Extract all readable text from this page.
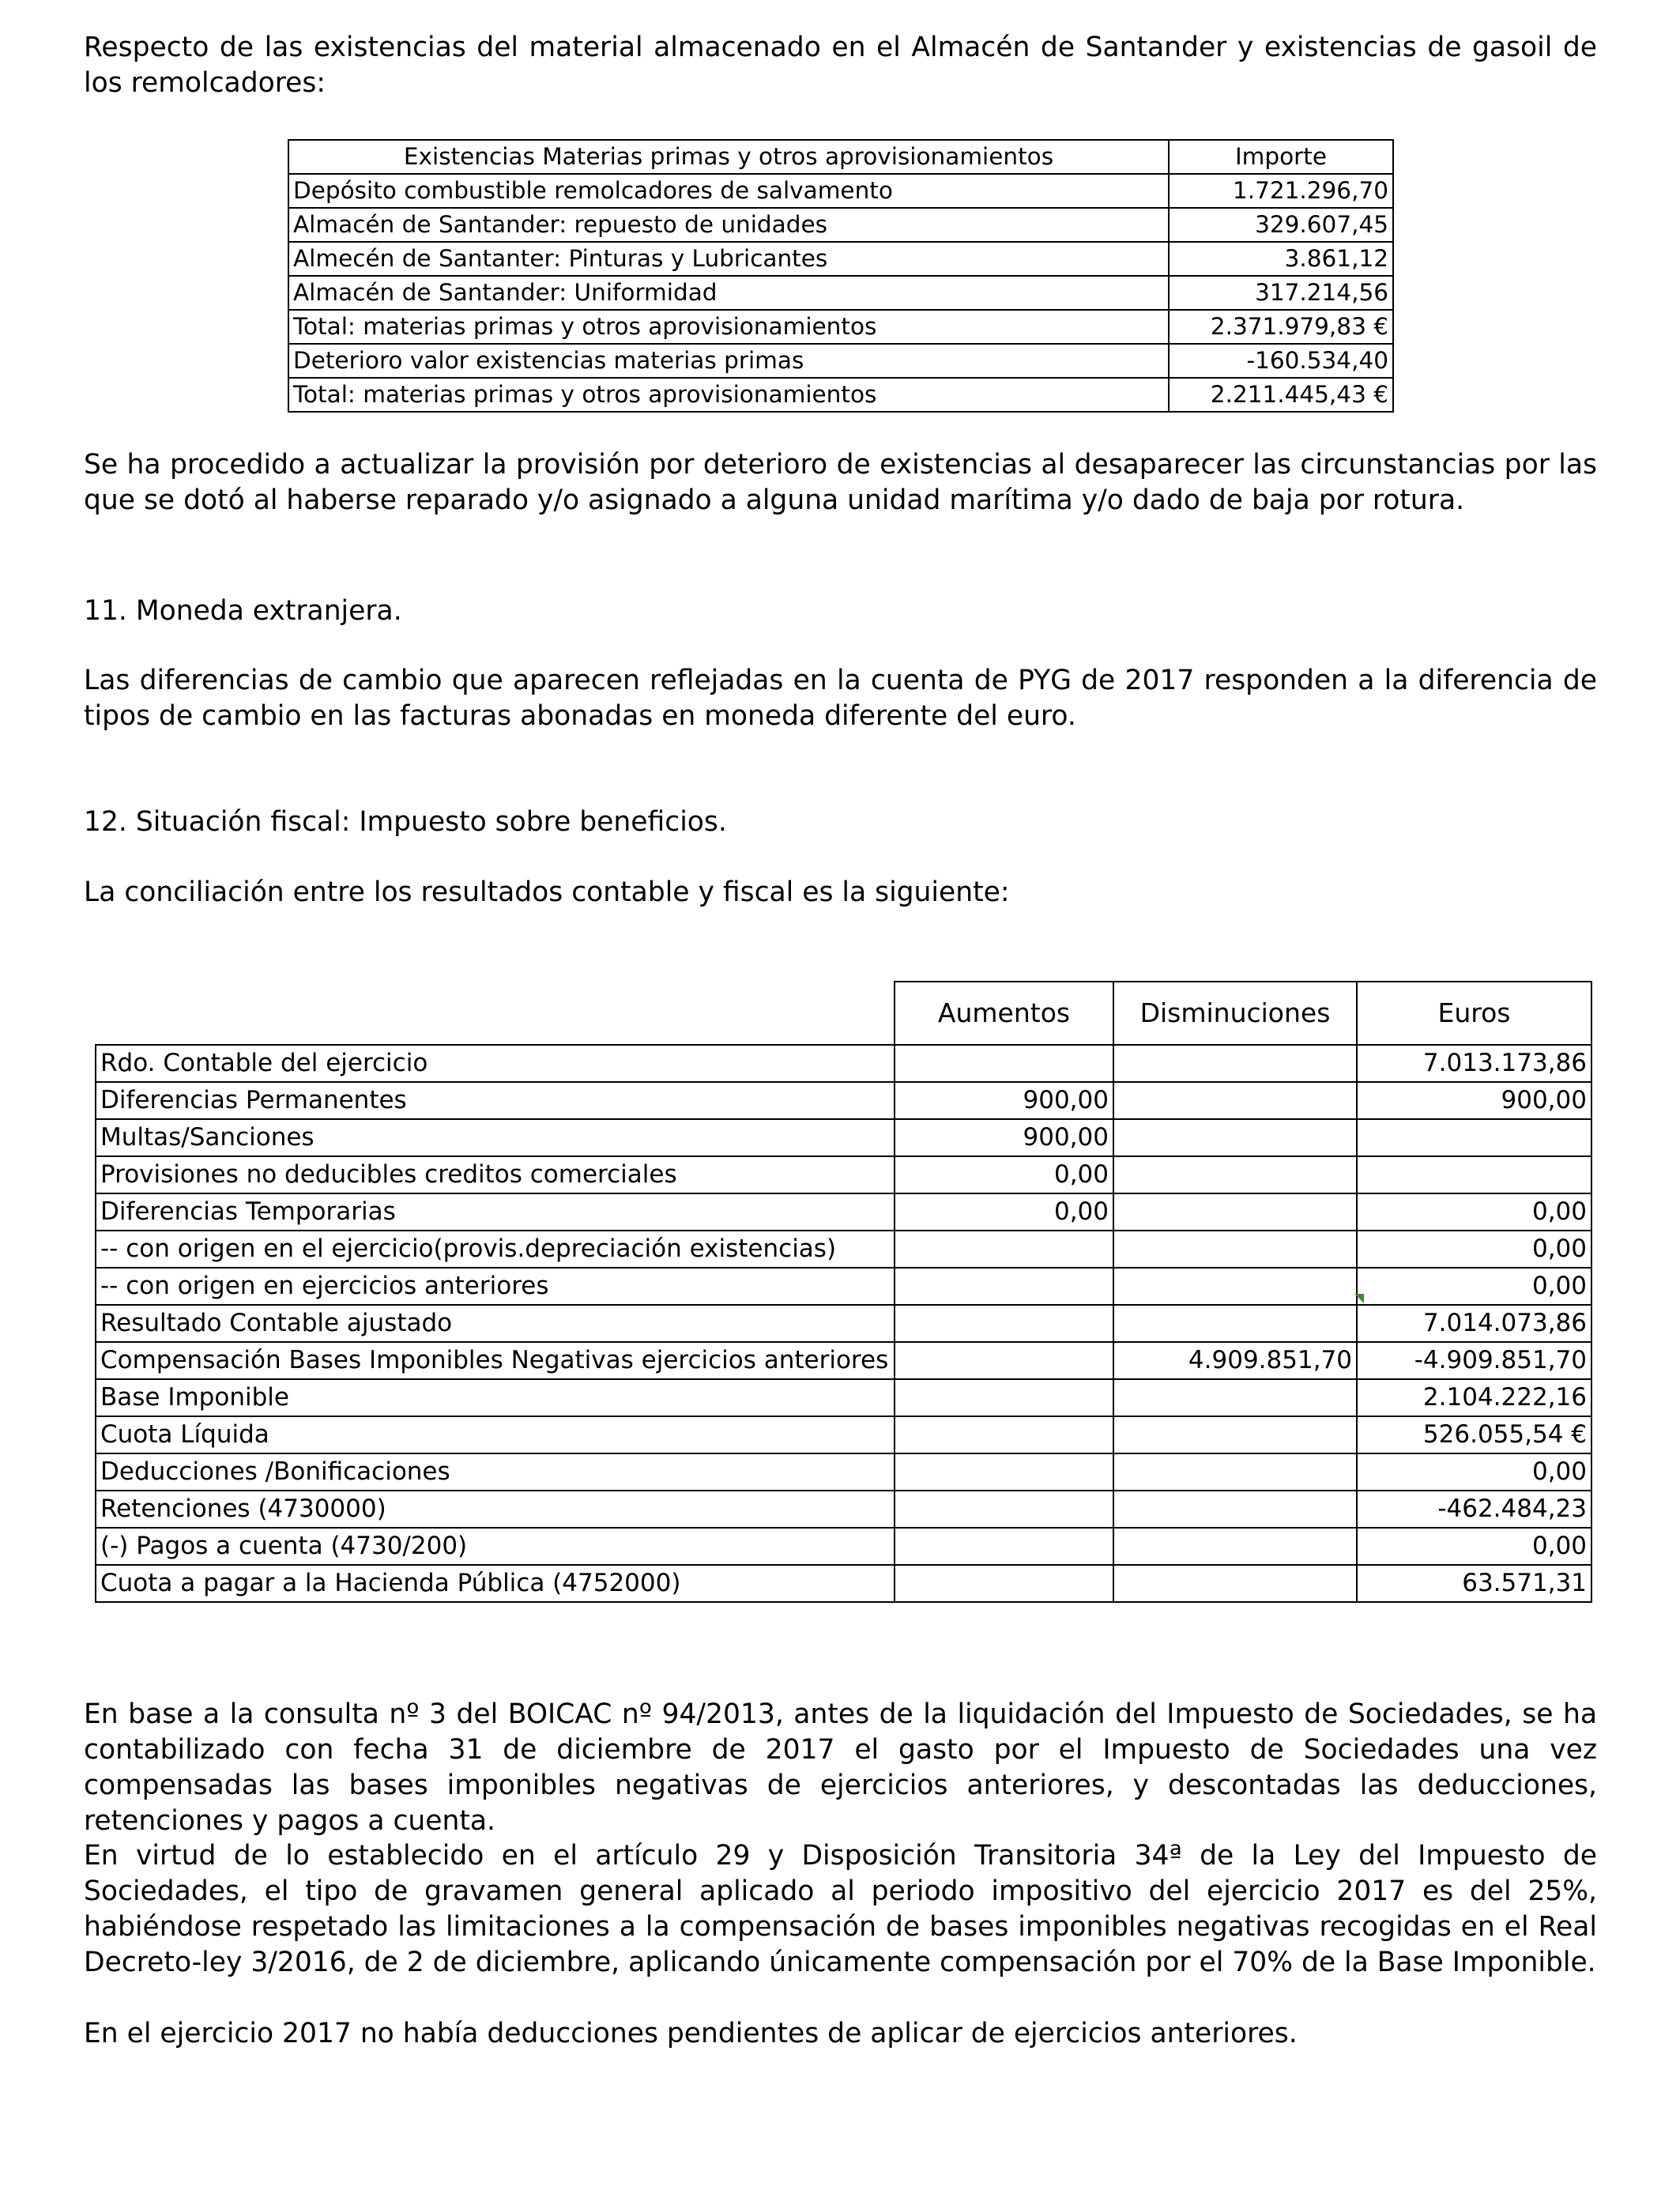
Respecto de las existencias del material almacenado en el Almacén de Santander y existencias de gasoil de los remolcadores:

Existencias Materias primas y otros aprovisionamientos	Importe
Depósito combustible remolcadores de salvamento	1.721.296,70
Almacén de Santander: repuesto de unidades	329.607,45
Almecén de Santanter: Pinturas y Lubricantes	3.861,12
Almacén de Santander: Uniformidad	317.214,56
Total: materias primas y otros aprovisionamientos	2.371.979,83 €
Deterioro valor existencias materias primas	-160.534,40
Total: materias primas y otros aprovisionamientos	2.211.445,43 €

Se ha procedido a actualizar la provisión por deterioro de existencias al desaparecer las circunstancias por las que se dotó al haberse reparado y/o asignado a alguna unidad marítima y/o dado de baja por rotura.

11. Moneda extranjera.

Las diferencias de cambio que aparecen reflejadas en la cuenta de PYG de 2017 responden a la diferencia de tipos de cambio en las facturas abonadas en moneda diferente del euro.

12. Situación fiscal: Impuesto sobre beneficios.

La conciliación entre los resultados contable y fiscal es la siguiente:

	Aumentos	Disminuciones	Euros
Rdo. Contable del ejercicio			7.013.173,86
Diferencias Permanentes	900,00		900,00
Multas/Sanciones	900,00		
Provisiones no deducibles creditos comerciales	0,00		
Diferencias Temporarias	0,00		0,00
-- con origen en el ejercicio(provis.depreciación existencias)			0,00
-- con origen en ejercicios anteriores			0,00
Resultado Contable ajustado			7.014.073,86
Compensación Bases Imponibles Negativas ejercicios anteriores		4.909.851,70	-4.909.851,70
Base Imponible			2.104.222,16
Cuota Líquida			526.055,54 €
Deducciones /Bonificaciones			0,00
Retenciones (4730000)			-462.484,23
(-) Pagos a cuenta (4730/200)			0,00
Cuota a pagar a la Hacienda Pública (4752000)			63.571,31

En base a la consulta nº 3 del BOICAC nº 94/2013, antes de la liquidación del Impuesto de Sociedades, se ha contabilizado con fecha 31 de diciembre de 2017 el gasto por el Impuesto de Sociedades una vez compensadas las bases imponibles negativas de ejercicios anteriores, y descontadas las deducciones, retenciones y pagos a cuenta.

En virtud de lo establecido en el artículo 29 y Disposición Transitoria 34ª de la Ley del Impuesto de Sociedades, el tipo de gravamen general aplicado al periodo impositivo del ejercicio 2017 es del 25%, habiéndose respetado las limitaciones a la compensación de bases imponibles negativas recogidas en el Real Decreto-ley 3/2016, de 2 de diciembre, aplicando únicamente compensación por el 70% de la Base Imponible.

En el ejercicio 2017 no había deducciones pendientes de aplicar de ejercicios anteriores.
